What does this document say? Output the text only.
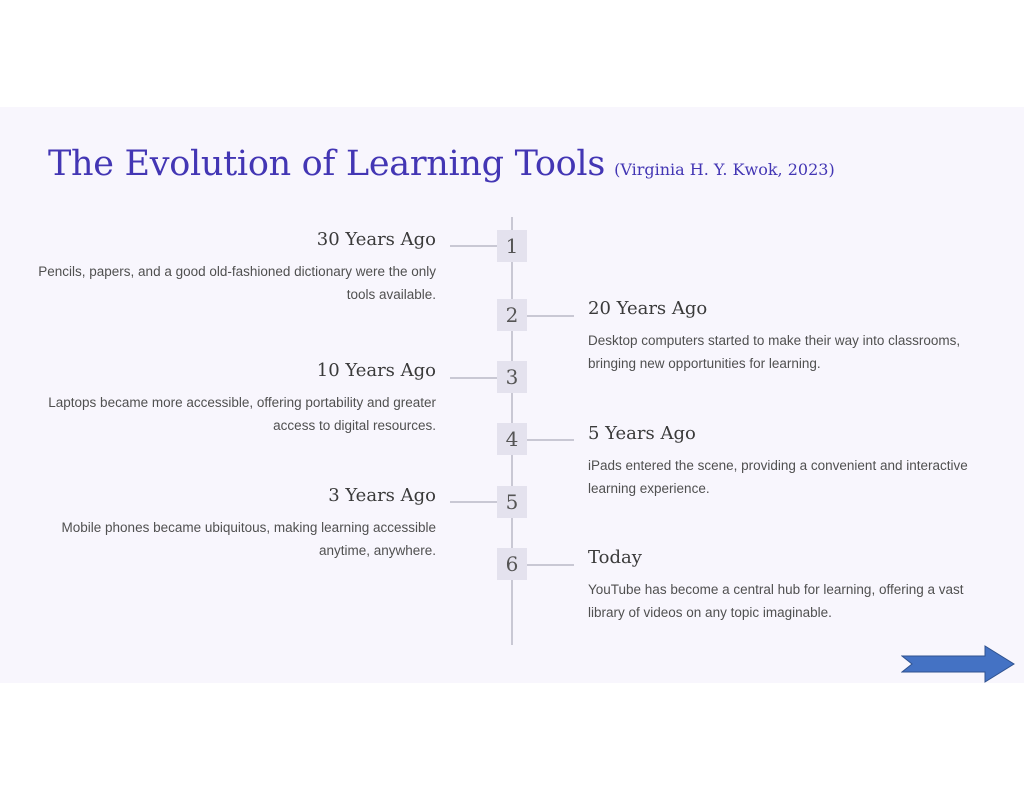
The Evolution of Learning Tools (Virginia H. Y. Kwok, 2023)
30 Years Ago
Pencils, papers, and a good old-fashioned dictionary were the only tools available.
1
20 Years Ago
Desktop computers started to make their way into classrooms, bringing new opportunities for learning.
2
10 Years Ago
Laptops became more accessible, offering portability and greater access to digital resources.
3
5 Years Ago
iPads entered the scene, providing a convenient and interactive learning experience.
4
3 Years Ago
Mobile phones became ubiquitous, making learning accessible anytime, anywhere.
5
Today
YouTube has become a central hub for learning, offering a vast library of videos on any topic imaginable.
6
